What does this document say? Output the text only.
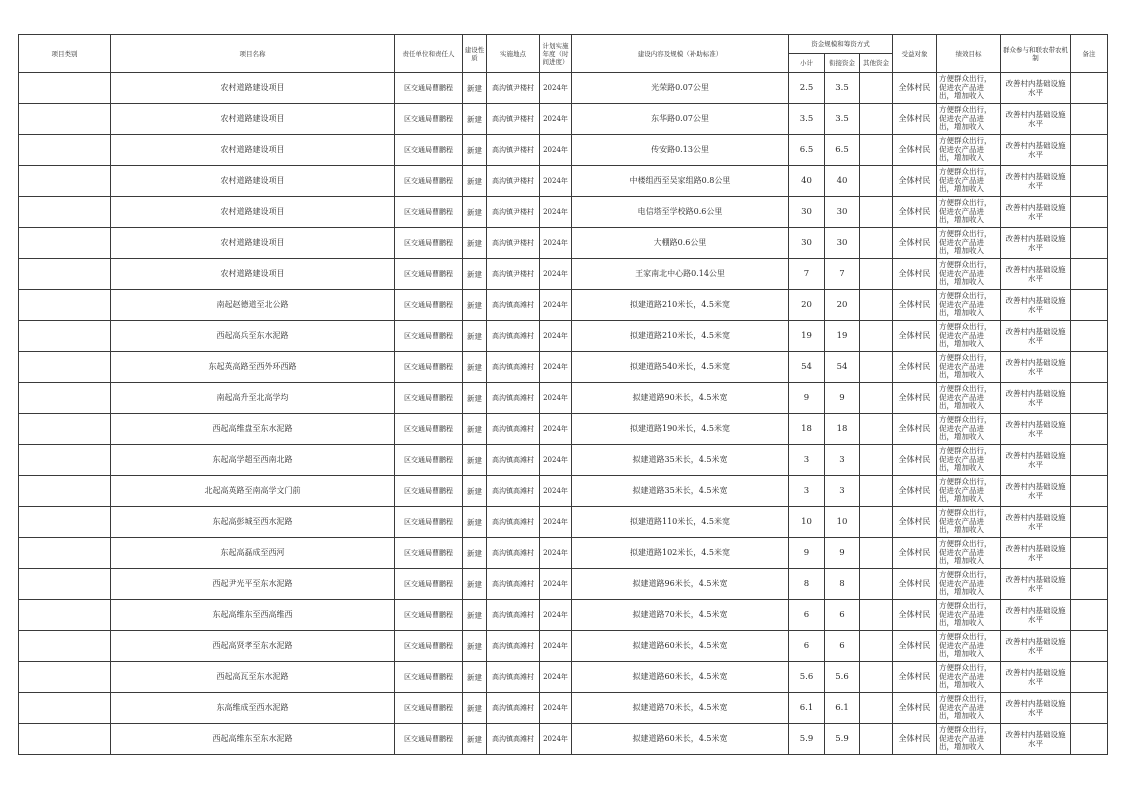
项目类别	项目名称	责任单位和责任人	建设性质	实施地点	计划实施年度（时间进度）	建设内容及规模（补助标准）	资金规模和筹资方式			受益对象	绩效目标	群众参与和联农带农机制	备注
							小计	衔接资金	其他资金				
	农村道路建设项目	区交通局曹鹏程	新建	高沟镇尹楼村	2024年	光荣路0.07公里	2.5	3.5		全体村民	方便群众出行，促进农产品进出，增加收入	改善村内基础设施水平	
	农村道路建设项目	区交通局曹鹏程	新建	高沟镇尹楼村	2024年	东华路0.07公里	3.5	3.5		全体村民	方便群众出行，促进农产品进出，增加收入	改善村内基础设施水平	
	农村道路建设项目	区交通局曹鹏程	新建	高沟镇尹楼村	2024年	传安路0.13公里	6.5	6.5		全体村民	方便群众出行，促进农产品进出，增加收入	改善村内基础设施水平	
	农村道路建设项目	区交通局曹鹏程	新建	高沟镇尹楼村	2024年	中楼组西至吴家组路0.8公里	40	40		全体村民	方便群众出行，促进农产品进出，增加收入	改善村内基础设施水平	
	农村道路建设项目	区交通局曹鹏程	新建	高沟镇尹楼村	2024年	电信塔至学校路0.6公里	30	30		全体村民	方便群众出行，促进农产品进出，增加收入	改善村内基础设施水平	
	农村道路建设项目	区交通局曹鹏程	新建	高沟镇尹楼村	2024年	大棚路0.6公里	30	30		全体村民	方便群众出行，促进农产品进出，增加收入	改善村内基础设施水平	
	农村道路建设项目	区交通局曹鹏程	新建	高沟镇尹楼村	2024年	王家南北中心路0.14公里	7	7		全体村民	方便群众出行，促进农产品进出，增加收入	改善村内基础设施水平	
	南起赵德道至北公路	区交通局曹鹏程	新建	高沟镇高滩村	2024年	拟建道路210米长，4.5米宽	20	20		全体村民	方便群众出行，促进农产品进出，增加收入	改善村内基础设施水平	
	西起高兵至东水泥路	区交通局曹鹏程	新建	高沟镇高滩村	2024年	拟建道路210米长，4.5米宽	19	19		全体村民	方便群众出行，促进农产品进出，增加收入	改善村内基础设施水平	
	东起英高路至西外环西路	区交通局曹鹏程	新建	高沟镇高滩村	2024年	拟建道路540米长，4.5米宽	54	54		全体村民	方便群众出行，促进农产品进出，增加收入	改善村内基础设施水平	
	南起高升至北高学均	区交通局曹鹏程	新建	高沟镇高滩村	2024年	拟建道路90米长，4.5米宽	9	9		全体村民	方便群众出行，促进农产品进出，增加收入	改善村内基础设施水平	
	西起高维盘至东水泥路	区交通局曹鹏程	新建	高沟镇高滩村	2024年	拟建道路190米长，4.5米宽	18	18		全体村民	方便群众出行，促进农产品进出，增加收入	改善村内基础设施水平	
	东起高学超至西南北路	区交通局曹鹏程	新建	高沟镇高滩村	2024年	拟建道路35米长，4.5米宽	3	3		全体村民	方便群众出行，促进农产品进出，增加收入	改善村内基础设施水平	
	北起高英路至南高学文门前	区交通局曹鹏程	新建	高沟镇高滩村	2024年	拟建道路35米长，4.5米宽	3	3		全体村民	方便群众出行，促进农产品进出，增加收入	改善村内基础设施水平	
	东起高彭城至西水泥路	区交通局曹鹏程	新建	高沟镇高滩村	2024年	拟建道路110米长，4.5米宽	10	10		全体村民	方便群众出行，促进农产品进出，增加收入	改善村内基础设施水平	
	东起高磊成至西河	区交通局曹鹏程	新建	高沟镇高滩村	2024年	拟建道路102米长，4.5米宽	9	9		全体村民	方便群众出行，促进农产品进出，增加收入	改善村内基础设施水平	
	西起尹光平至东水泥路	区交通局曹鹏程	新建	高沟镇高滩村	2024年	拟建道路96米长，4.5米宽	8	8		全体村民	方便群众出行，促进农产品进出，增加收入	改善村内基础设施水平	
	东起高维东至西高维西	区交通局曹鹏程	新建	高沟镇高滩村	2024年	拟建道路70米长，4.5米宽	6	6		全体村民	方便群众出行，促进农产品进出，增加收入	改善村内基础设施水平	
	西起高贤孝至东水泥路	区交通局曹鹏程	新建	高沟镇高滩村	2024年	拟建道路60米长，4.5米宽	6	6		全体村民	方便群众出行，促进农产品进出，增加收入	改善村内基础设施水平	
	西起高瓦至东水泥路	区交通局曹鹏程	新建	高沟镇高滩村	2024年	拟建道路60米长，4.5米宽	5.6	5.6		全体村民	方便群众出行，促进农产品进出，增加收入	改善村内基础设施水平	
	东高维成至西水泥路	区交通局曹鹏程	新建	高沟镇高滩村	2024年	拟建道路70米长，4.5米宽	6.1	6.1		全体村民	方便群众出行，促进农产品进出，增加收入	改善村内基础设施水平	
	西起高维东至东水泥路	区交通局曹鹏程	新建	高沟镇高滩村	2024年	拟建道路60米长，4.5米宽	5.9	5.9		全体村民	方便群众出行，促进农产品进出，增加收入	改善村内基础设施水平	
